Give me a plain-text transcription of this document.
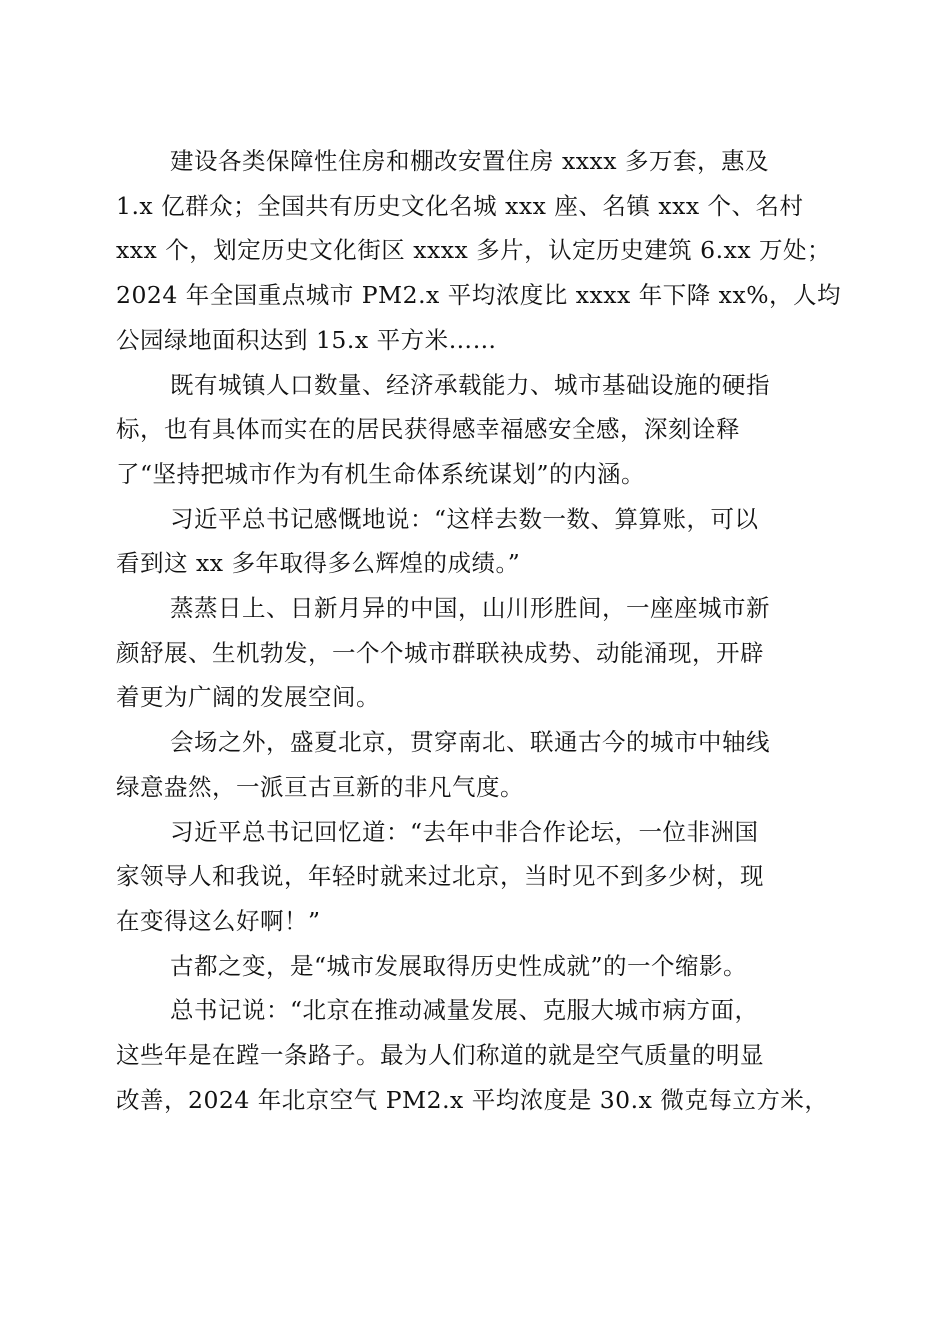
建设各类保障性住房和棚改安置住房 xxxx 多万套，惠及
1.x 亿群众；全国共有历史文化名城 xxx 座、名镇 xxx 个、名村
xxx 个，划定历史文化街区 xxxx 多片，认定历史建筑 6.xx 万处；
2024 年全国重点城市 PM2.x 平均浓度比 xxxx 年下降 xx%，人均
公园绿地面积达到 15.x 平方米……
既有城镇人口数量、经济承载能力、城市基础设施的硬指
标，也有具体而实在的居民获得感幸福感安全感，深刻诠释
了“坚持把城市作为有机生命体系统谋划”的内涵。
习近平总书记感慨地说：“这样去数一数、算算账，可以
看到这 xx 多年取得多么辉煌的成绩。”
蒸蒸日上、日新月异的中国，山川形胜间，一座座城市新
颜舒展、生机勃发，一个个城市群联袂成势、动能涌现，开辟
着更为广阔的发展空间。
会场之外，盛夏北京，贯穿南北、联通古今的城市中轴线
绿意盎然，一派亘古亘新的非凡气度。
习近平总书记回忆道：“去年中非合作论坛，一位非洲国
家领导人和我说，年轻时就来过北京，当时见不到多少树，现
在变得这么好啊！”
古都之变，是“城市发展取得历史性成就”的一个缩影。
总书记说：“北京在推动减量发展、克服大城市病方面，
这些年是在蹚一条路子。最为人们称道的就是空气质量的明显
改善，2024 年北京空气 PM2.x 平均浓度是 30.x 微克每立方米，
